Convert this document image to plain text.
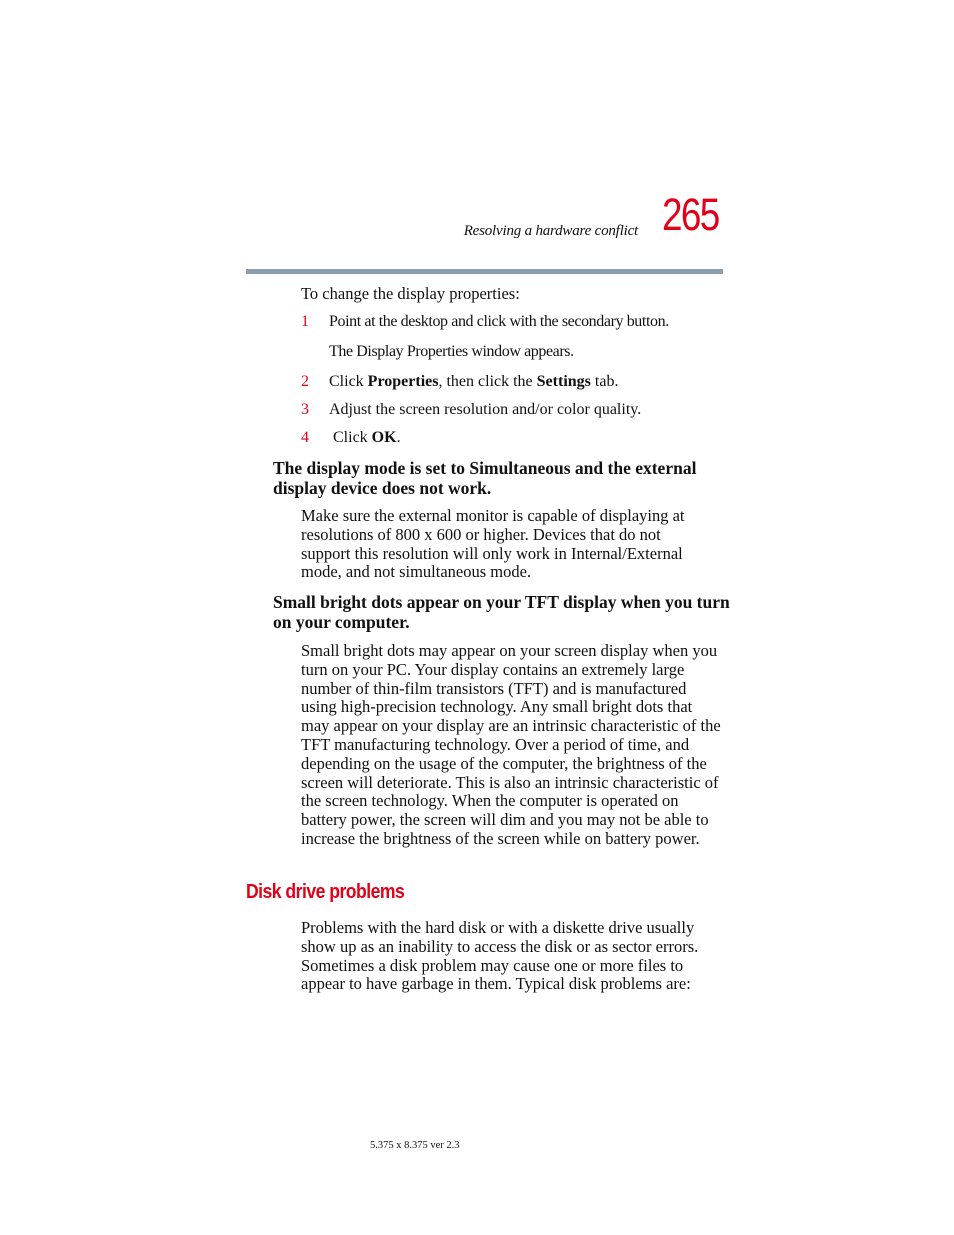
Resolving a hardware conflict 265
To change the display properties:
1 Point at the desktop and click with the secondary button.
The Display Properties window appears.
2 Click Properties, then click the Settings tab.
3 Adjust the screen resolution and/or color quality.
4 Click OK.
The display mode is set to Simultaneous and the external display device does not work.
Make sure the external monitor is capable of displaying at resolutions of 800 x 600 or higher. Devices that do not support this resolution will only work in Internal/External mode, and not simultaneous mode.
Small bright dots appear on your TFT display when you turn on your computer.
Small bright dots may appear on your screen display when you turn on your PC. Your display contains an extremely large number of thin-film transistors (TFT) and is manufactured using high-precision technology. Any small bright dots that may appear on your display are an intrinsic characteristic of the TFT manufacturing technology. Over a period of time, and depending on the usage of the computer, the brightness of the screen will deteriorate. This is also an intrinsic characteristic of the screen technology. When the computer is operated on battery power, the screen will dim and you may not be able to increase the brightness of the screen while on battery power.
Disk drive problems
Problems with the hard disk or with a diskette drive usually show up as an inability to access the disk or as sector errors. Sometimes a disk problem may cause one or more files to appear to have garbage in them. Typical disk problems are:
5.375 x 8.375 ver 2.3
